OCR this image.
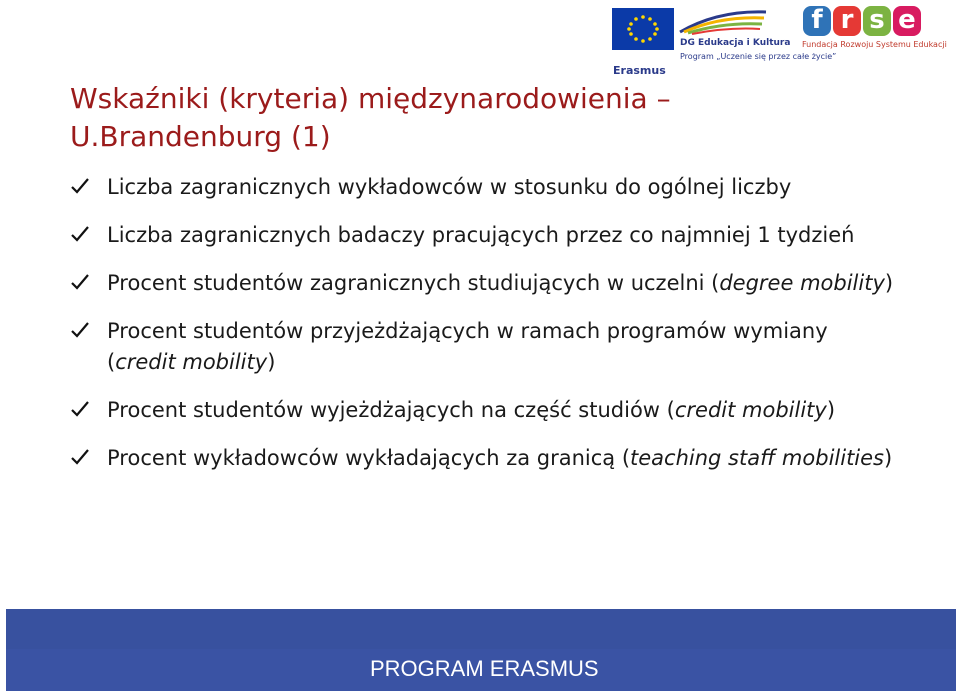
DG Edukacja i Kultura
Program „Uczenie się przez całe życie”
Erasmus
f r s e
Fundacja Rozwoju Systemu Edukacji
Wskaźniki (kryteria) międzynarodowienia – U.Brandenburg (1)
Liczba zagranicznych wykładowców w stosunku do ogólnej liczby
Liczba zagranicznych badaczy pracujących przez co najmniej 1 tydzień
Procent studentów zagranicznych studiujących w uczelni (degree mobility)
Procent studentów przyjeżdżających w ramach programów wymiany (credit mobility)
Procent studentów wyjeżdżających na część studiów (credit mobility)
Procent wykładowców wykładających za granicą (teaching staff mobilities)
PROGRAM ERASMUS
